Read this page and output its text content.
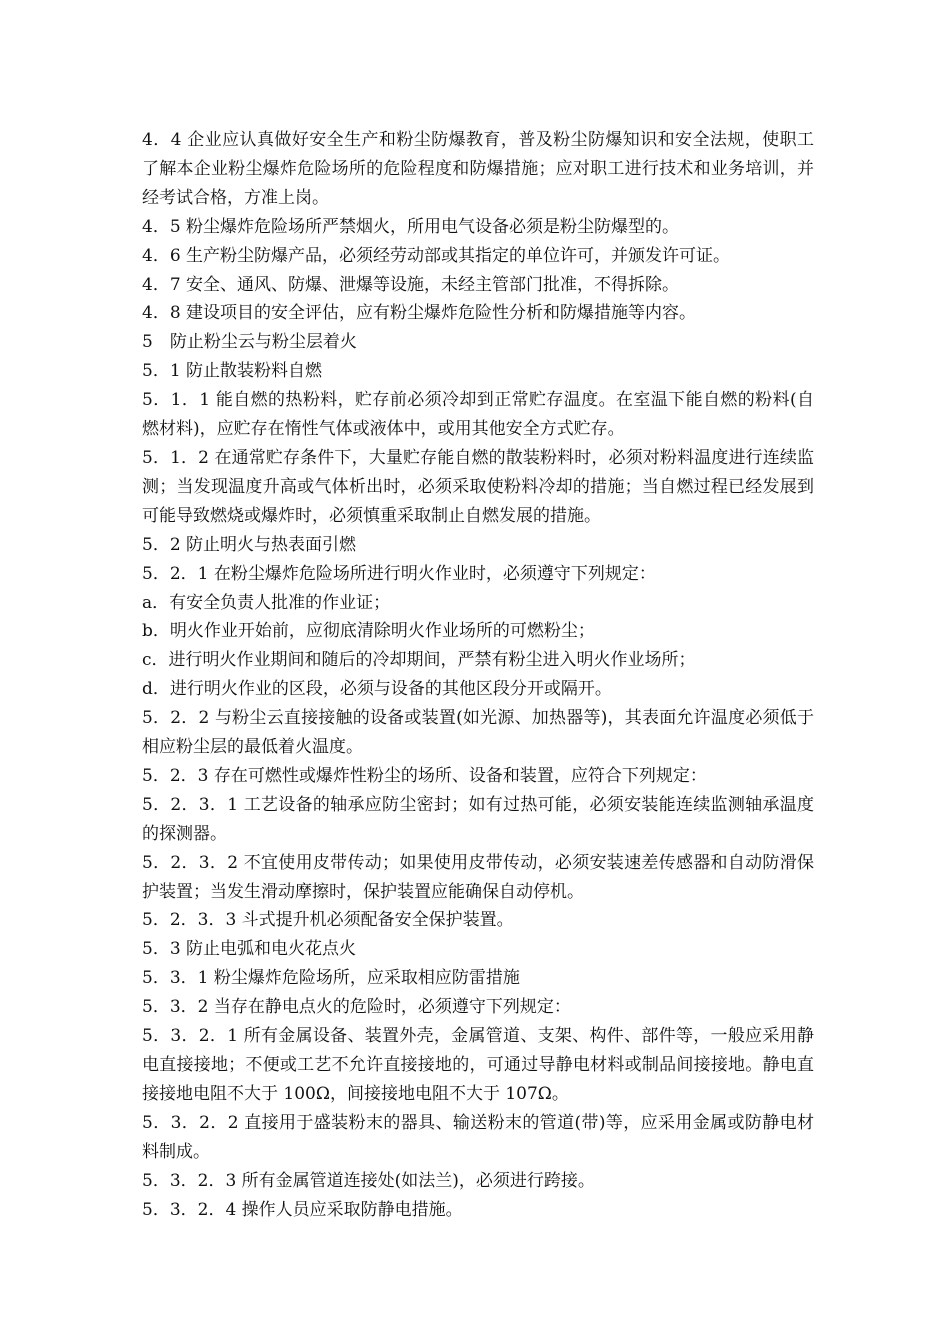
4．4 企业应认真做好安全生产和粉尘防爆教育，普及粉尘防爆知识和安全法规，使职工了解本企业粉尘爆炸危险场所的危险程度和防爆措施；应对职工进行技术和业务培训，并经考试合格，方准上岗。

4．5 粉尘爆炸危险场所严禁烟火，所用电气设备必须是粉尘防爆型的。

4．6 生产粉尘防爆产品，必须经劳动部或其指定的单位许可，并颁发许可证。

4．7 安全、通风、防爆、泄爆等设施，未经主管部门批准，不得拆除。

4．8 建设项目的安全评估，应有粉尘爆炸危险性分析和防爆措施等内容。

5　防止粉尘云与粉尘层着火

5．1 防止散装粉料自燃

5．1．1 能自燃的热粉料，贮存前必须冷却到正常贮存温度。在室温下能自燃的粉料(自燃材料)，应贮存在惰性气体或液体中，或用其他安全方式贮存。

5．1．2 在通常贮存条件下，大量贮存能自燃的散装粉料时，必须对粉料温度进行连续监测；当发现温度升高或气体析出时，必须采取使粉料冷却的措施；当自燃过程已经发展到可能导致燃烧或爆炸时，必须慎重采取制止自燃发展的措施。

5．2 防止明火与热表面引燃

5．2．1 在粉尘爆炸危险场所进行明火作业时，必须遵守下列规定：

a．有安全负责人批准的作业证；

b．明火作业开始前，应彻底清除明火作业场所的可燃粉尘；

c．进行明火作业期间和随后的冷却期间，严禁有粉尘进入明火作业场所；

d．进行明火作业的区段，必须与设备的其他区段分开或隔开。

5．2．2 与粉尘云直接接触的设备或装置(如光源、加热器等)，其表面允许温度必须低于相应粉尘层的最低着火温度。

5．2．3 存在可燃性或爆炸性粉尘的场所、设备和装置，应符合下列规定：

5．2．3．1 工艺设备的轴承应防尘密封；如有过热可能，必须安装能连续监测轴承温度的探测器。

5．2．3．2 不宜使用皮带传动；如果使用皮带传动，必须安装速差传感器和自动防滑保护装置；当发生滑动摩擦时，保护装置应能确保自动停机。

5．2．3．3 斗式提升机必须配备安全保护装置。

5．3 防止电弧和电火花点火

5．3．1 粉尘爆炸危险场所，应采取相应防雷措施

5．3．2 当存在静电点火的危险时，必须遵守下列规定：

5．3．2．1 所有金属设备、装置外壳，金属管道、支架、构件、部件等，一般应采用静电直接接地；不便或工艺不允许直接接地的，可通过导静电材料或制品间接接地。静电直接接地电阻不大于 100Ω，间接接地电阻不大于 107Ω。

5．3．2．2 直接用于盛装粉末的器具、输送粉末的管道(带)等，应采用金属或防静电材料制成。

5．3．2．3 所有金属管道连接处(如法兰)，必须进行跨接。

5．3．2．4 操作人员应采取防静电措施。
